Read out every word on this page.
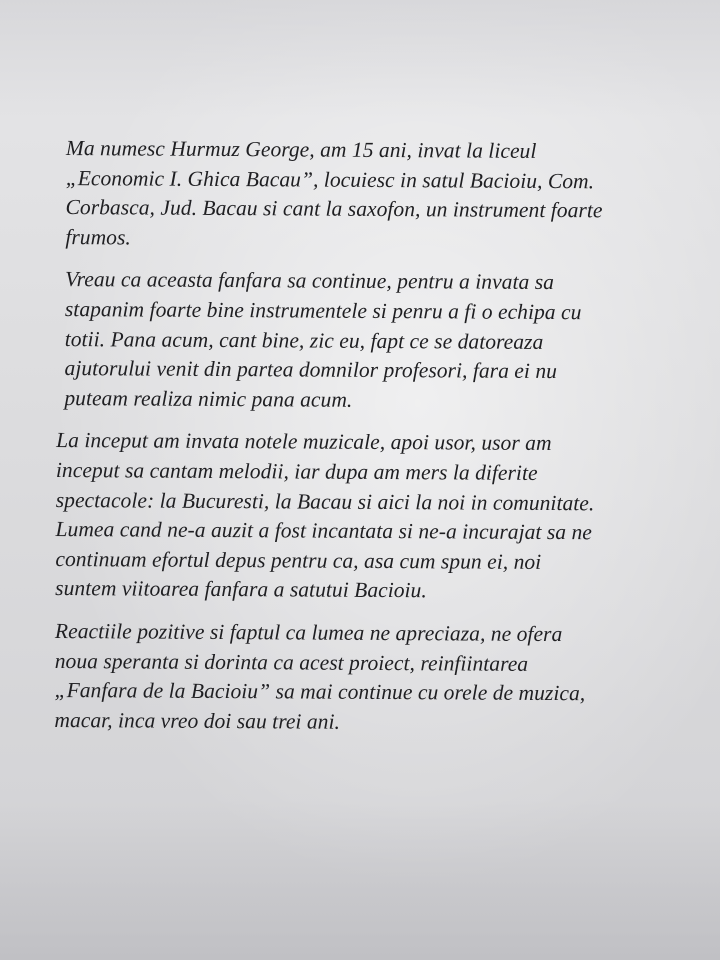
Ma numesc Hurmuz George, am 15 ani, invat la liceul
„Economic I. Ghica Bacau”, locuiesc in satul Bacioiu, Com.
Corbasca, Jud. Bacau si cant la saxofon, un instrument foarte
frumos.

Vreau ca aceasta fanfara sa continue, pentru a invata sa
stapanim foarte bine instrumentele si penru a fi o echipa cu
totii. Pana acum, cant bine, zic eu, fapt ce se datoreaza
ajutorului venit din partea domnilor profesori, fara ei nu
puteam realiza nimic pana acum.

La inceput am invata notele muzicale, apoi usor, usor am
inceput sa cantam melodii, iar dupa am mers la diferite
spectacole: la Bucuresti, la Bacau si aici la noi in comunitate.
Lumea cand ne-a auzit a fost incantata si ne-a incurajat sa ne
continuam efortul depus pentru ca, asa cum spun ei, noi
suntem viitoarea fanfara a satutui Bacioiu.

Reactiile pozitive si faptul ca lumea ne apreciaza, ne ofera
noua speranta si dorinta ca acest proiect, reinfiintarea
„Fanfara de la Bacioiu” sa mai continue cu orele de muzica,
macar, inca vreo doi sau trei ani.
